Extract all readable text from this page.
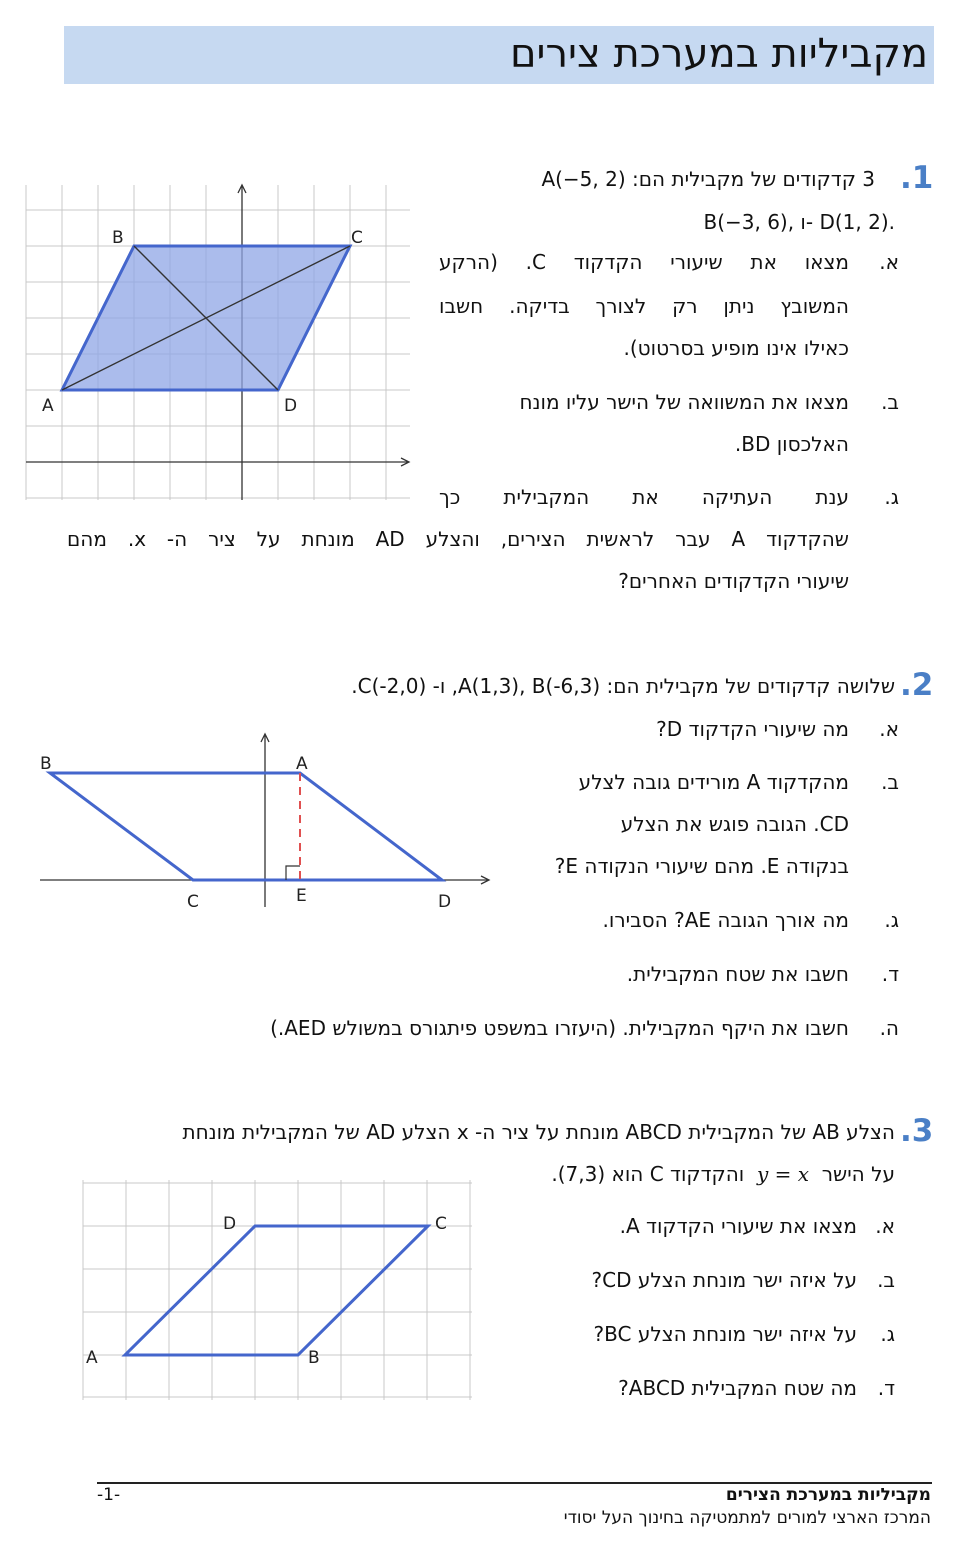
מקביליות במערכת צירים
.1
3 קדקודים של מקבילית הם: A(−5, 2)
.D(1, 2) -ו ,B(−3, 6)
א.
מצאו את שיעורי הקדקוד C. (הרקע
המשובץ ניתן רק לצורך בדיקה. חשבו
כאילו אינו מופיע בסרטוט).
ב.
מצאו את המשוואה של הישר עליו מונח
האלכסון BD.
ג.
ענת העתיקה את המקבילית כך
שהקדקוד A עבר לראשית הצירים, והצלע AD מונחת על ציר ה- x. מהם
שיעורי הקדקודים האחרים?
A
B	C
D
.2
שלושה קדקודים של מקבילית הם: A(1,3), B(-6,3), ו- C(-2,0).
א.
מה שיעורי הקדקוד D?
ב.
מהקדקוד A מורידים גובה לצלע
CD. הגובה פוגש את הצלע
בנקודה E. מהם שיעורי הנקודה E?
ג.
מה אורך הגובה AE? הסבירו.
ד.
חשבו את שטח המקבילית.
ה.
חשבו את היקף המקבילית. (היעזרו במשפט פיתגורס במשולש AED.)
A
B
C	D
E
.3
הצלע AB של המקבילית ABCD מונחת על ציר ה- x הצלע AD של המקבילית מונחת
על הישר  y = x  והקדקוד C הוא (7,3).
א.
מצאו את שיעורי הקדקוד A.
ב.
על איזה ישר מונחת הצלע CD?
ג.
על איזה ישר מונחת הצלע BC?
ד.
מה שטח המקבילית ABCD?
A	B
C
D
מקביליות במערכת הצירים
המרכז הארצי למורים למתמטיקה בחינוך העל יסודי
-1-
